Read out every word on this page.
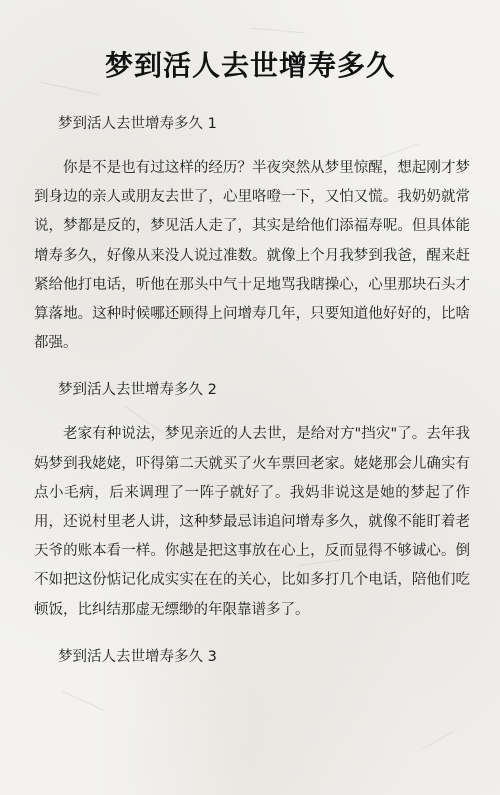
梦到活人去世增寿多久

梦到活人去世增寿多久 1

你是不是也有过这样的经历？半夜突然从梦里惊醒，想起刚才梦到身边的亲人或朋友去世了，心里咯噔一下，又怕又慌。我奶奶就常说，梦都是反的，梦见活人走了，其实是给他们添福寿呢。但具体能增寿多久，好像从来没人说过准数。就像上个月我梦到我爸，醒来赶紧给他打电话，听他在那头中气十足地骂我瞎操心，心里那块石头才算落地。这种时候哪还顾得上问增寿几年，只要知道他好好的，比啥都强。

梦到活人去世增寿多久 2

老家有种说法，梦见亲近的人去世，是给对方"挡灾"了。去年我妈梦到我姥姥，吓得第二天就买了火车票回老家。姥姥那会儿确实有点小毛病，后来调理了一阵子就好了。我妈非说这是她的梦起了作用，还说村里老人讲，这种梦最忌讳追问增寿多久，就像不能盯着老天爷的账本看一样。你越是把这事放在心上，反而显得不够诚心。倒不如把这份惦记化成实实在在的关心，比如多打几个电话，陪他们吃顿饭，比纠结那虚无缥缈的年限靠谱多了。

梦到活人去世增寿多久 3
